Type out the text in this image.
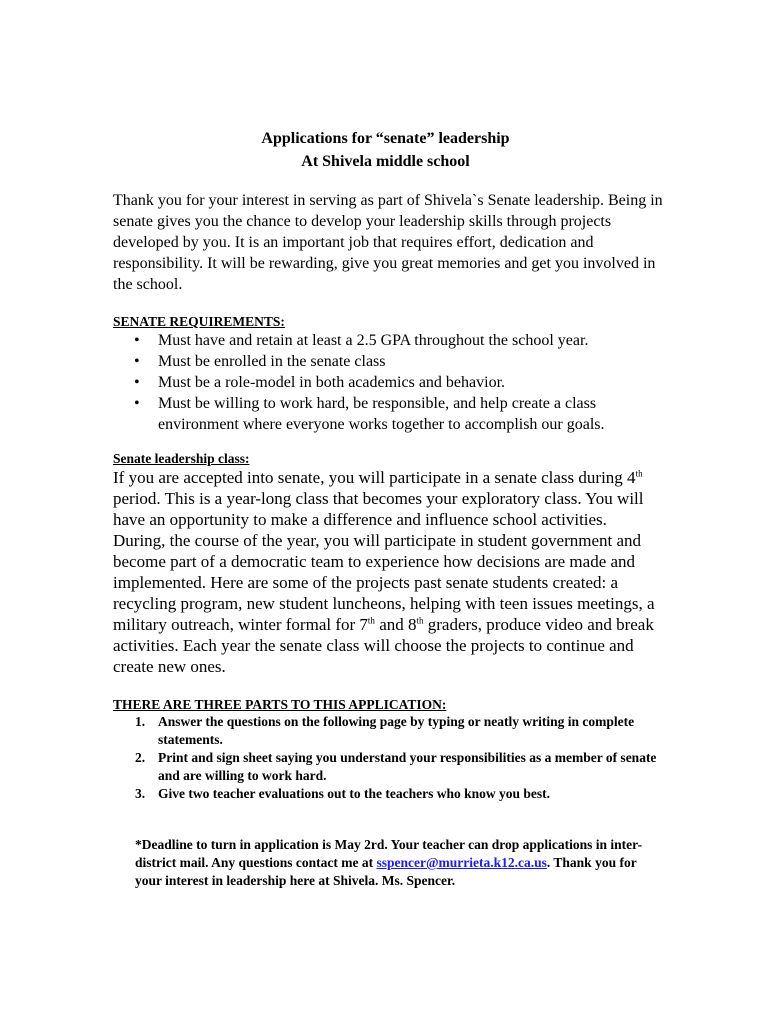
Applications for “senate” leadership
At Shivela middle school
Thank you for your interest in serving as part of Shivela`s Senate leadership. Being in senate gives you the chance to develop your leadership skills through projects developed by you. It is an important job that requires effort, dedication and responsibility. It will be rewarding, give you great memories and get you involved in the school.
SENATE REQUIREMENTS:
• Must have and retain at least a 2.5 GPA throughout the school year.
• Must be enrolled in the senate class
• Must be a role-model in both academics and behavior.
• Must be willing to work hard, be responsible, and help create a class environment where everyone works together to accomplish our goals.
Senate leadership class:
If you are accepted into senate, you will participate in a senate class during 4th period. This is a year-long class that becomes your exploratory class. You will have an opportunity to make a difference and influence school activities. During, the course of the year, you will participate in student government and become part of a democratic team to experience how decisions are made and implemented. Here are some of the projects past senate students created: a recycling program, new student luncheons, helping with teen issues meetings, a military outreach, winter formal for 7th and 8th graders, produce video and break activities. Each year the senate class will choose the projects to continue and create new ones.
THERE ARE THREE PARTS TO THIS APPLICATION:
1. Answer the questions on the following page by typing or neatly writing in complete statements.
2. Print and sign sheet saying you understand your responsibilities as a member of senate and are willing to work hard.
3. Give two teacher evaluations out to the teachers who know you best.
*Deadline to turn in application is May 2rd. Your teacher can drop applications in inter-district mail. Any questions contact me at sspencer@murrieta.k12.ca.us. Thank you for your interest in leadership here at Shivela. Ms. Spencer.
